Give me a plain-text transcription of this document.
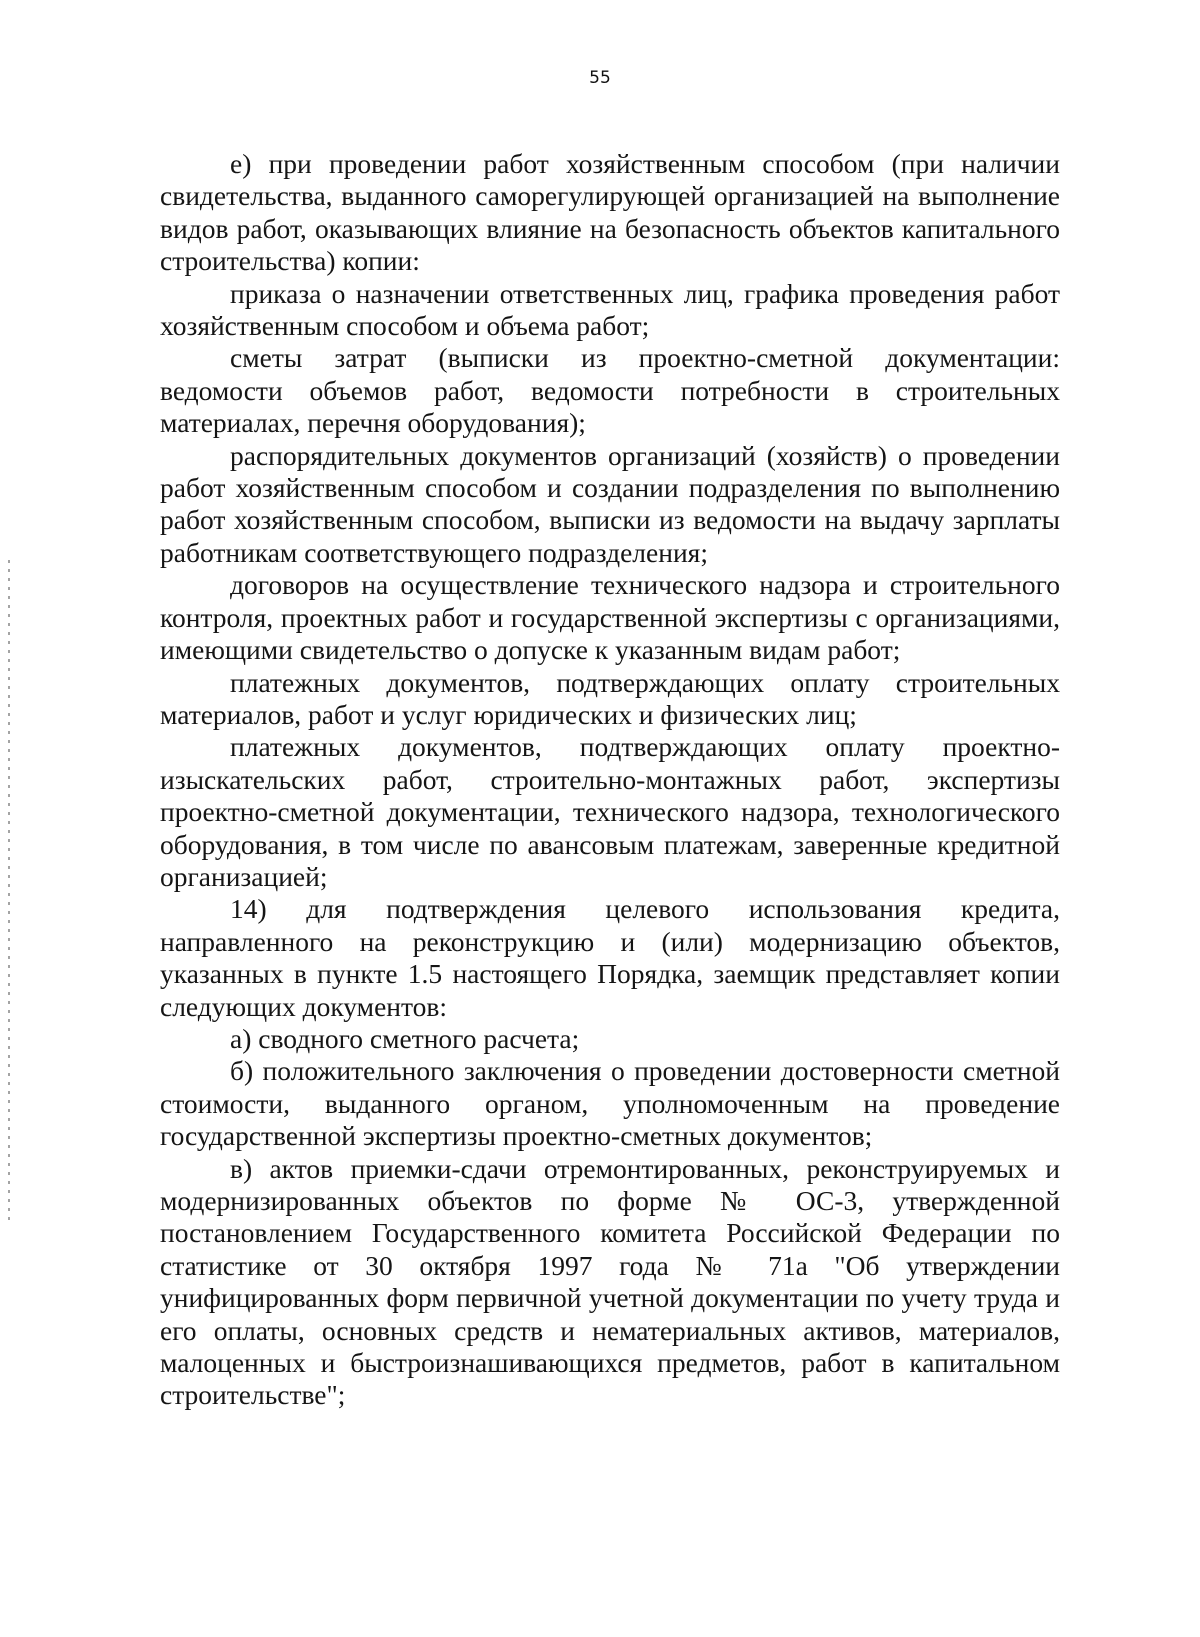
55

е) при проведении работ хозяйственным способом (при наличии свидетельства, выданного саморегулирующей организацией на выполнение видов работ, оказывающих влияние на безопасность объектов капитального строительства) копии:

приказа о назначении ответственных лиц, графика проведения работ хозяйственным способом и объема работ;

сметы затрат (выписки из проектно-сметной документации: ведомости объемов работ, ведомости потребности в строительных материалах, перечня оборудования);

распорядительных документов организаций (хозяйств) о проведении работ хозяйственным способом и создании подразделения по выполнению работ хозяйственным способом, выписки из ведомости на выдачу зарплаты работникам соответствующего подразделения;

договоров на осуществление технического надзора и строительного контроля, проектных работ и государственной экспертизы с организациями, имеющими свидетельство о допуске к указанным видам работ;

платежных документов, подтверждающих оплату строительных материалов, работ и услуг юридических и физических лиц;

платежных документов, подтверждающих оплату проектно-изыскательских работ, строительно-монтажных работ, экспертизы проектно-сметной документации, технического надзора, технологического оборудования, в том числе по авансовым платежам, заверенные кредитной организацией;

14) для подтверждения целевого использования кредита, направленного на реконструкцию и (или) модернизацию объектов, указанных в пункте 1.5 настоящего Порядка, заемщик представляет копии следующих документов:

а) сводного сметного расчета;

б) положительного заключения о проведении достоверности сметной стоимости, выданного органом, уполномоченным на проведение государственной экспертизы проектно-сметных документов;

в) актов приемки-сдачи отремонтированных, реконструируемых и модернизированных объектов по форме № ОС-3, утвержденной постановлением Государственного комитета Российской Федерации по статистике от 30 октября 1997 года № 71а "Об утверждении унифицированных форм первичной учетной документации по учету труда и его оплаты, основных средств и нематериальных активов, материалов, малоценных и быстроизнашивающихся предметов, работ в капитальном строительстве";
